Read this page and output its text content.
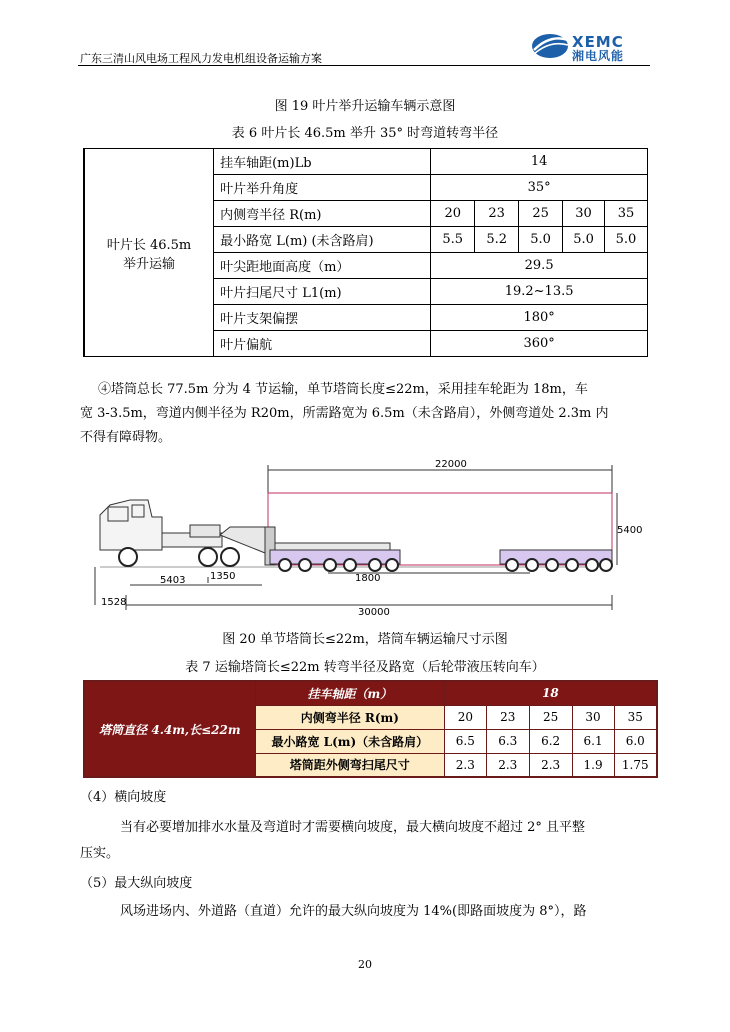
广东三清山风电场工程风力发电机组设备运输方案
XEMC
湘电风能
图 19 叶片举升运输车辆示意图
表 6 叶片长 46.5m 举升 35° 时弯道转弯半径
叶片长 46.5m
举升运输	挂车轴距(m)Lb	14				
	叶片举升角度	35°				
	内侧弯半径 R(m)	20	23	25	30	35
	最小路宽 L(m) (未含路肩)	5.5	5.2	5.0	5.0	5.0
	叶尖距地面高度（m）	29.5				
	叶片扫尾尺寸 L1(m)	19.2~13.5				
	叶片支架偏摆	180°				
	叶片偏航	360°				
④塔筒总长 77.5m 分为 4 节运输，单节塔筒长度≤22m，采用挂车轮距为 18m，车
宽 3-3.5m，弯道内侧半径为 R20m，所需路宽为 6.5m（未含路肩），外侧弯道处 2.3m 内
不得有障碍物。
22000
5400
5403 1350	1800
1528
30000
图 20 单节塔筒长≤22m，塔筒车辆运输尺寸示图
表 7 运输塔筒长≤22m 转弯半径及路宽（后轮带液压转向车）
塔筒直径 4.4m,长≤22m	挂车轴距（m）	18				
	内侧弯半径 R(m)	20	23	25	30	35
	最小路宽 L(m)（未含路肩）	6.5	6.3	6.2	6.1	6.0
	塔筒距外侧弯扫尾尺寸	2.3	2.3	2.3	1.9	1.75
（4）横向坡度
当有必要增加排水水量及弯道时才需要横向坡度，最大横向坡度不超过 2° 且平整
压实。
（5）最大纵向坡度
风场进场内、外道路（直道）允许的最大纵向坡度为 14%(即路面坡度为 8°），路
20
